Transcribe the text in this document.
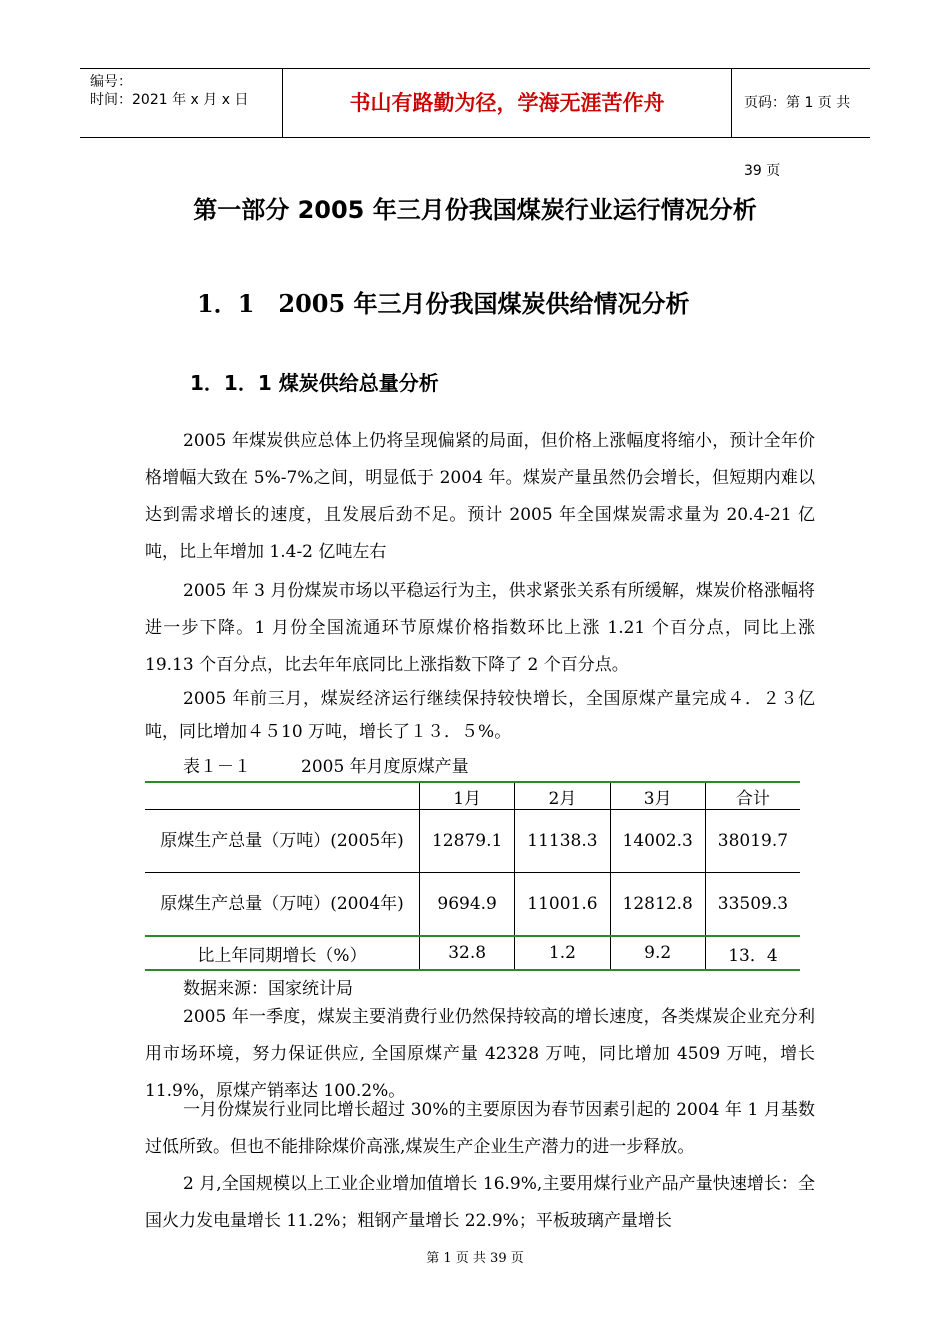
编号：
时间：2021 年 x 月 x 日	书山有路勤为径，学海无涯苦作舟	页码：第 1 页 共 39 页
第一部分 2005 年三月份我国煤炭行业运行情况分析
1．1　2005 年三月份我国煤炭供给情况分析
1．1．1 煤炭供给总量分析
2005 年煤炭供应总体上仍将呈现偏紧的局面，但价格上涨幅度将缩小，预计全年价格增幅大致在 5%-7%之间，明显低于 2004 年。煤炭产量虽然仍会增长，但短期内难以达到需求增长的速度，且发展后劲不足。预计 2005 年全国煤炭需求量为 20.4-21 亿吨，比上年增加 1.4-2 亿吨左右
2005 年 3 月份煤炭市场以平稳运行为主，供求紧张关系有所缓解，煤炭价格涨幅将进一步下降。1 月份全国流通环节原煤价格指数环比上涨 1.21 个百分点，同比上涨 19.13 个百分点，比去年年底同比上涨指数下降了 2 个百分点。
2005 年前三月，煤炭经济运行继续保持较快增长，全国原煤产量完成４．２３亿吨，同比增加４５10 万吨，增长了１３．５%。
表１－１	2005 年月度原煤产量
	1月	2月	3月	合计
原煤生产总量（万吨）(2005年)	12879.1	11138.3	14002.3	38019.7
原煤生产总量（万吨）(2004年)	9694.9	11001.6	12812.8	33509.3
比上年同期增长（%）	32.8	1.2	9.2	13．4
数据来源：国家统计局
2005 年一季度，煤炭主要消费行业仍然保持较高的增长速度，各类煤炭企业充分利用市场环境，努力保证供应, 全国原煤产量 42328 万吨，同比增加 4509 万吨，增长 11.9%，原煤产销率达 100.2%。
一月份煤炭行业同比增长超过 30%的主要原因为春节因素引起的 2004 年 1 月基数过低所致。但也不能排除煤价高涨,煤炭生产企业生产潜力的进一步释放。
2 月,全国规模以上工业企业增加值增长 16.9%,主要用煤行业产品产量快速增长：全国火力发电量增长 11.2%；粗钢产量增长 22.9%；平板玻璃产量增长
第 1 页 共 39 页
